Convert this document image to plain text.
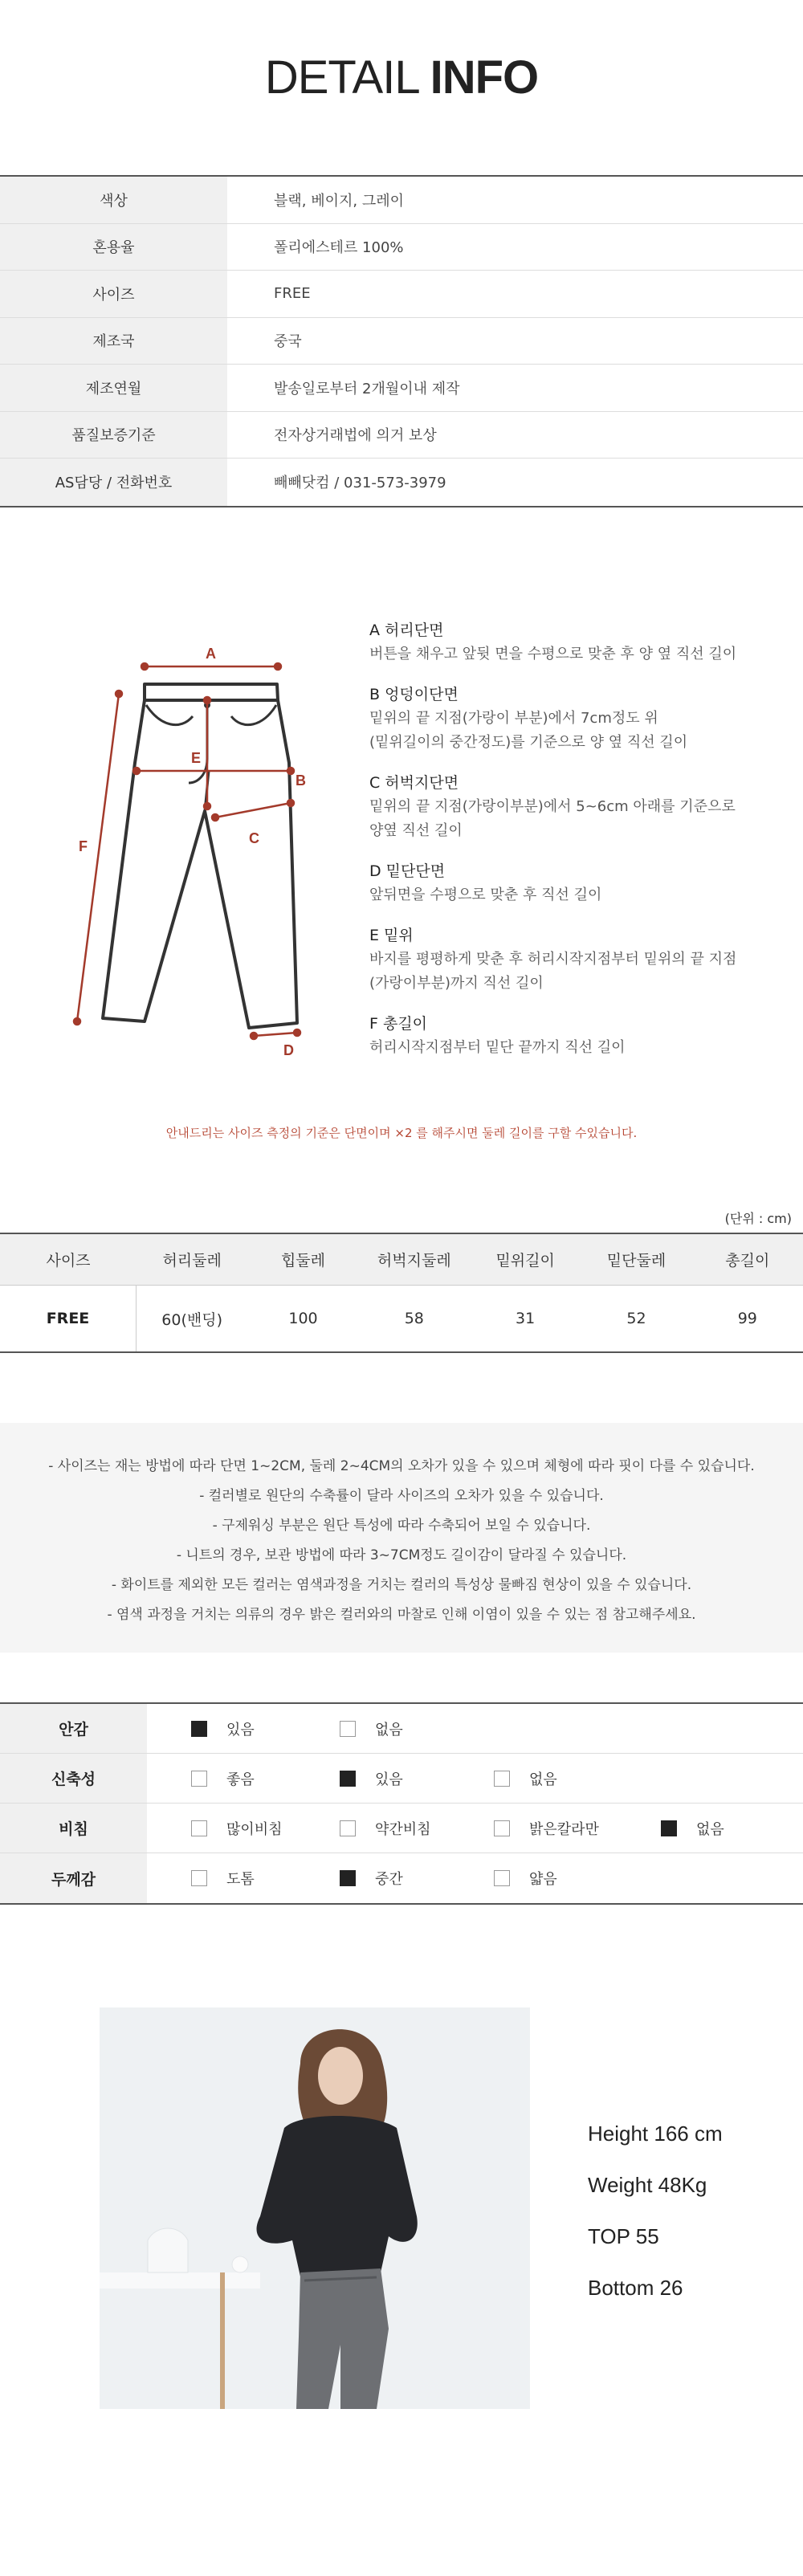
DETAIL INFO
색상	블랙, 베이지, 그레이
혼용율	폴리에스테르 100%
사이즈	FREE
제조국	중국
제조연월	발송일로부터 2개월이내 제작
품질보증기준	전자상거래법에 의거 보상
AS담당 / 전화번호	빼빼닷컴 / 031-573-3979
A
B
C
D
E
F
A 허리단면
버튼을 채우고 앞뒷 면을 수평으로 맞춘 후 양 옆 직선 길이
B 엉덩이단면
밑위의 끝 지점(가랑이 부분)에서 7cm정도 위
(밑위길이의 중간정도)를 기준으로 양 옆 직선 길이
C 허벅지단면
밑위의 끝 지점(가랑이부분)에서 5~6cm 아래를 기준으로
양옆 직선 길이
D 밑단단면
앞뒤면을 수평으로 맞춘 후 직선 길이
E 밑위
바지를 평평하게 맞춘 후 허리시작지점부터 밑위의 끝 지점
(가랑이부분)까지 직선 길이
F 총길이
허리시작지점부터 밑단 끝까지 직선 길이
안내드리는 사이즈 측정의 기준은 단면이며 ×2 를 해주시면 둘레 길이를 구할 수있습니다.
(단위 : cm)
사이즈	허리둘레	힙둘레	허벅지둘레	밑위길이	밑단둘레	총길이
FREE	60(밴딩)	100	58	31	52	99

- 사이즈는 재는 방법에 따라 단면 1~2CM, 둘레 2~4CM의 오차가 있을 수 있으며 체형에 따라 핏이 다를 수 있습니다.

- 컬러별로 원단의 수축률이 달라 사이즈의 오차가 있을 수 있습니다.

- 구제워싱 부분은 원단 특성에 따라 수축되어 보일 수 있습니다.

- 니트의 경우, 보관 방법에 따라 3~7CM정도 길이감이 달라질 수 있습니다.

- 화이트를 제외한 모든 컬러는 염색과정을 거치는 컬러의 특성상 물빠짐 현상이 있을 수 있습니다.

- 염색 과정을 거치는 의류의 경우 밝은 컬러와의 마찰로 인해 이염이 있을 수 있는 점 참고해주세요.

안감	있음	없음
신축성	좋음	있음	없음
비침	많이비침	약간비침	밝은칼라만	없음
두께감	도톰	중간	얇음
Height 166 cm
Weight 48Kg
TOP 55
Bottom 26
